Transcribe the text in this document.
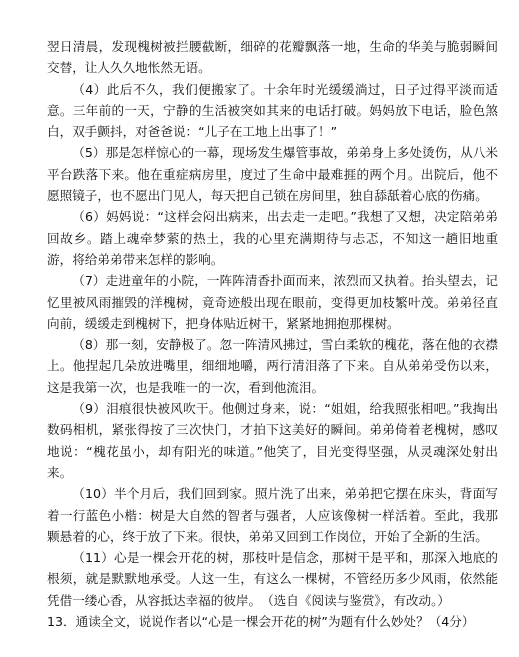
翌日清晨，发现槐树被拦腰截断，细碎的花瓣飘落一地，生命的华美与脆弱瞬间交替，让人久久地怅然无语。

（4）此后不久，我们便搬家了。十余年时光缓缓淌过，日子过得平淡而适意。三年前的一天，宁静的生活被突如其来的电话打破。妈妈放下电话，脸色煞白，双手颤抖，对爸爸说：“儿子在工地上出事了！”

（5）那是怎样惊心的一幕，现场发生爆管事故，弟弟身上多处烫伤，从八米平台跌落下来。他在重症病房里，度过了生命中最难捱的两个月。出院后，他不愿照镜子，也不愿出门见人，每天把自己锁在房间里，独自舔舐着心底的伤痛。

（6）妈妈说：“这样会闷出病来，出去走一走吧。”我想了又想，决定陪弟弟回故乡。踏上魂牵梦萦的热土，我的心里充满期待与忐忑，不知这一趟旧地重游，将给弟弟带来怎样的影响。

（7）走进童年的小院，一阵阵清香扑面而来，浓烈而又执着。抬头望去，记忆里被风雨摧毁的洋槐树，竟奇迹般出现在眼前，变得更加枝繁叶茂。弟弟径直向前，缓缓走到槐树下，把身体贴近树干，紧紧地拥抱那棵树。

（8）那一刻，安静极了。忽一阵清风拂过，雪白柔软的槐花，落在他的衣襟上。他捏起几朵放进嘴里，细细地嚼，两行清泪落了下来。自从弟弟受伤以来，这是我第一次，也是我唯一的一次，看到他流泪。

（9）泪痕很快被风吹干。他侧过身来，说：“姐姐，给我照张相吧。”我掏出数码相机，紧张得按了三次快门，才拍下这美好的瞬间。弟弟倚着老槐树，感叹地说：“槐花虽小，却有阳光的味道。”他笑了，目光变得坚强，从灵魂深处射出来。

（10）半个月后，我们回到家。照片洗了出来，弟弟把它摆在床头，背面写着一行蓝色小楷：树是大自然的智者与强者，人应该像树一样活着。至此，我那颗悬着的心，终于放了下来。很快，弟弟又回到工作岗位，开始了全新的生活。

（11）心是一棵会开花的树，那枝叶是信念，那树干是平和，那深入地底的根须，就是默默地承受。人这一生，有这么一棵树，不管经历多少风雨，依然能凭借一缕心香，从容抵达幸福的彼岸。　（选自《阅读与鉴赏》，有改动。）

13．通读全文，说说作者以“心是一棵会开花的树”为题有什么妙处？（4分）
